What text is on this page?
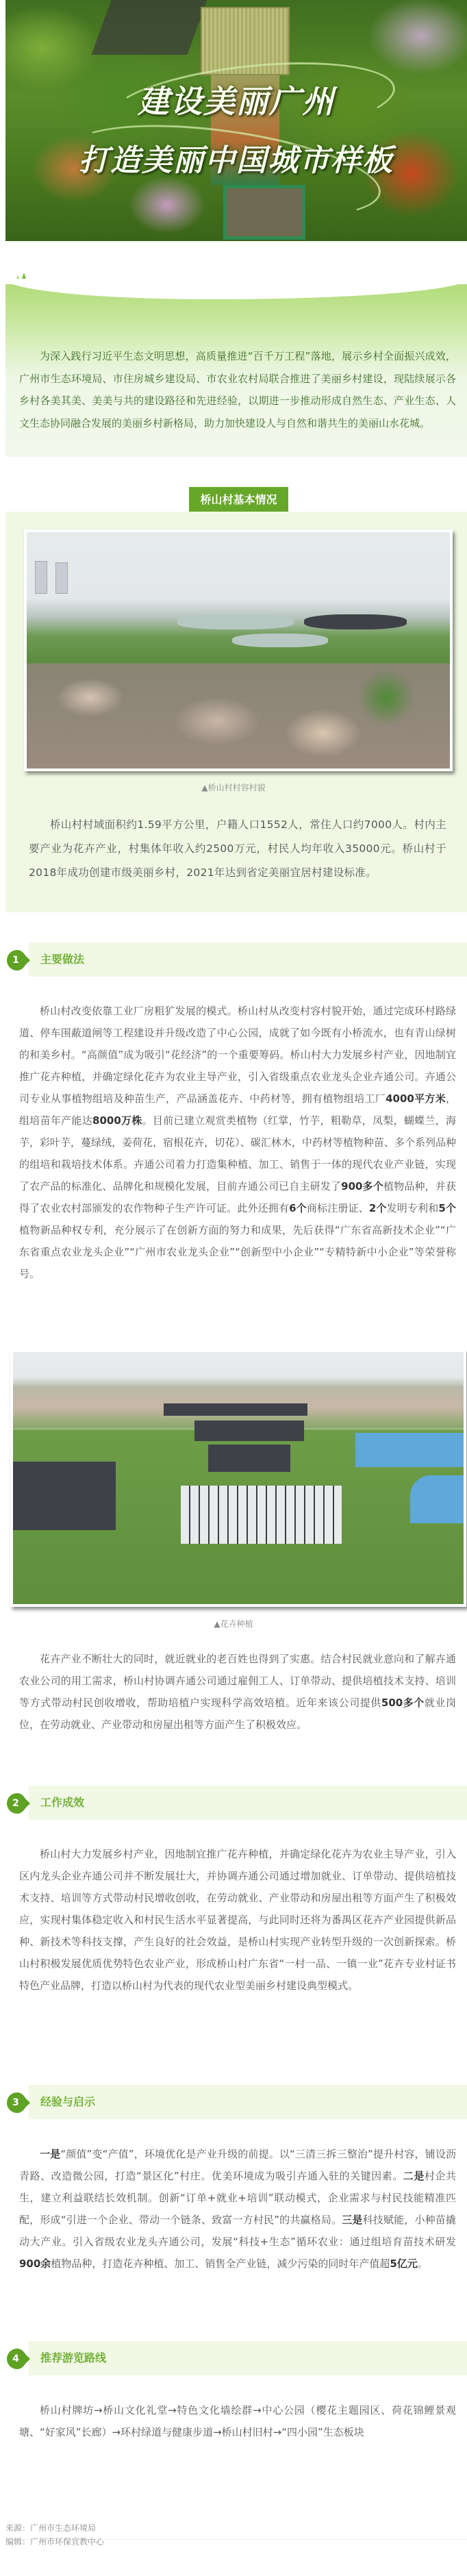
建设美丽广州
打造美丽中国城市样板

为深入践行习近平生态文明思想，高质量推进“百千万工程”落地，展示乡村全面振兴成效，广州市生态环境局、市住房城乡建设局、市农业农村局联合推进了美丽乡村建设，现陆续展示各乡村各美其美、美美与共的建设路径和先进经验，以期进一步推动形成自然生态、产业生态、人文生态协同融合发展的美丽乡村新格局，助力加快建设人与自然和谐共生的美丽山水花城。

桥山村基本情况
▲桥山村村容村貌

桥山村村域面积约1.59平方公里，户籍人口1552人，常住人口约7000人。村内主要产业为花卉产业，村集体年收入约2500万元，村民人均年收入35000元。桥山村于2018年成功创建市级美丽乡村，2021年达到省定美丽宜居村建设标准。

1	主要做法

桥山村改变依靠工业厂房粗犷发展的模式。桥山村从改变村容村貌开始，通过完成环村路绿道、停车围蔽道闸等工程建设并升级改造了中心公园，成就了如今既有小桥流水，也有青山绿树的和美乡村。“高颜值”成为吸引“花经济”的一个重要筹码。桥山村大力发展乡村产业，因地制宜推广花卉种植，并确定绿化花卉为农业主导产业，引入省级重点农业龙头企业卉通公司。卉通公司专业从事植物组培及种苗生产，产品涵盖花卉、中药材等，拥有植物组培工厂4000平方米，组培苗年产能达8000万株。目前已建立观赏类植物（红掌，竹芋，粗勒草，凤梨，蝴蝶兰，海芋，彩叶芋，蔓绿绒，姜荷花，宿根花卉，切花）、碳汇林木，中药材等植物种苗、多个系列品种的组培和栽培技术体系。卉通公司着力打造集种植、加工、销售于一体的现代农业产业链，实现了农产品的标准化、品牌化和规模化发展，目前卉通公司已自主研发了900多个植物品种，并获得了农业农村部颁发的农作物种子生产许可证。此外还拥有6个商标注册证、2个发明专利和5个植物新品种权专利，充分展示了在创新方面的努力和成果，先后获得“广东省高新技术企业”“广东省重点农业龙头企业”“广州市农业龙头企业”“创新型中小企业”“专精特新中小企业”等荣誉称号。

▲花卉种植

花卉产业不断壮大的同时，就近就业的老百姓也得到了实惠。结合村民就业意向和了解卉通农业公司的用工需求，桥山村协调卉通公司通过雇佣工人、订单带动、提供培植技术支持、培训等方式带动村民创收增收，帮助培植户实现科学高效培植。近年来该公司提供500多个就业岗位，在劳动就业、产业带动和房屋出租等方面产生了积极效应。

2	工作成效

桥山村大力发展乡村产业，因地制宜推广花卉种植，并确定绿化花卉为农业主导产业，引入区内龙头企业卉通公司并不断发展壮大，并协调卉通公司通过增加就业、订单带动、提供培植技术支持、培训等方式带动村民增收创收，在劳动就业、产业带动和房屋出租等方面产生了积极效应，实现村集体稳定收入和村民生活水平显著提高，与此同时还将为番禺区花卉产业园提供新品种、新技术等科技支撑，产生良好的社会效益，是桥山村实现产业转型升级的一次创新探索。桥山村积极发展优质优势特色农业产业，形成桥山村广东省“一村一品、一镇一业”花卉专业村证书特色产业品牌，打造以桥山村为代表的现代农业型美丽乡村建设典型模式。

3	经验与启示

一是“颜值”变“产值”，环境优化是产业升级的前提。以“三清三拆三整治”提升村容，铺设沥青路、改造微公园，打造“景区化”村庄。优美环境成为吸引卉通入驻的关键因素。二是村企共生，建立利益联结长效机制。创新“订单+就业+培训”联动模式，企业需求与村民技能精准匹配，形成“引进一个企业、带动一个链条、致富一方村民”的共赢格局。三是科技赋能，小种苗撬动大产业。引入省级农业龙头卉通公司，发展“科技+生态”循环农业：通过组培育苗技术研发900余植物品种，打造花卉种植、加工、销售全产业链，减少污染的同时年产值超5亿元。

4	推荐游览路线

桥山村牌坊→桥山文化礼堂→特色文化墙绘群→中心公园（樱花主题园区、荷花锦鲤景观塘、“好家风”长廊）→环村绿道与健康步道→桥山村旧村→“四小园”生态板块

来源：广州市生态环境局
编辑：广州市环保宣教中心
